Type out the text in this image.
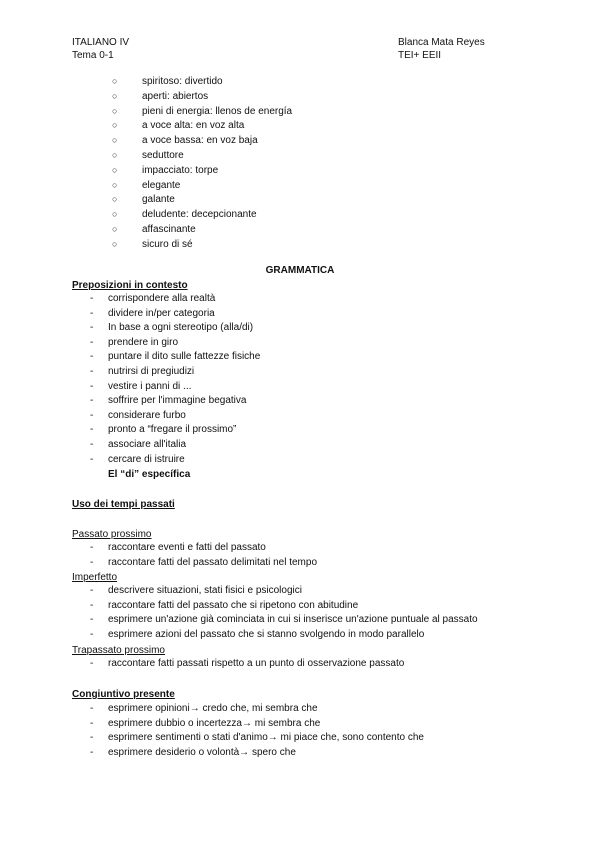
ITALIANO IV
Tema 0-1
Blanca Mata Reyes
TEI+ EEII
○ spiritoso: divertido
○ aperti: abiertos
○ pieni di energia: llenos de energía
○ a voce alta: en voz alta
○ a voce bassa: en voz baja
○ seduttore
○ impacciato: torpe
○ elegante
○ galante
○ deludente: decepcionante
○ affascinante
○ sicuro di sé
GRAMMATICA
Preposizioni in contesto
- corrispondere alla realtà
- dividere in/per categoria
- In base a ogni stereotipo (alla/di)
- prendere in giro
- puntare il dito sulle fattezze fisiche
- nutrirsi di pregiudizi
- vestire i panni di ...
- soffrire per l'immagine begativa
- considerare furbo
- pronto a “fregare il prossimo”
- associare all'italia
- cercare di istruire
El “di” específica
Uso dei tempi passati
Passato prossimo
- raccontare eventi e fatti del passato
- raccontare fatti del passato delimitati nel tempo
Imperfetto
- descrivere situazioni, stati fisici e psicologici
- raccontare fatti del passato che si ripetono con abitudine
- esprimere un'azione già cominciata in cui si inserisce un'azione puntuale al passato
- esprimere azioni del passato che si stanno svolgendo in modo parallelo
Trapassato prossimo
- raccontare fatti passati rispetto a un punto di osservazione passato
Congiuntivo presente
- esprimere opinioni→ credo che, mi sembra che
- esprimere dubbio o incertezza→ mi sembra che
- esprimere sentimenti o stati d'animo→ mi piace che, sono contento che
- esprimere desiderio o volontà→ spero che
